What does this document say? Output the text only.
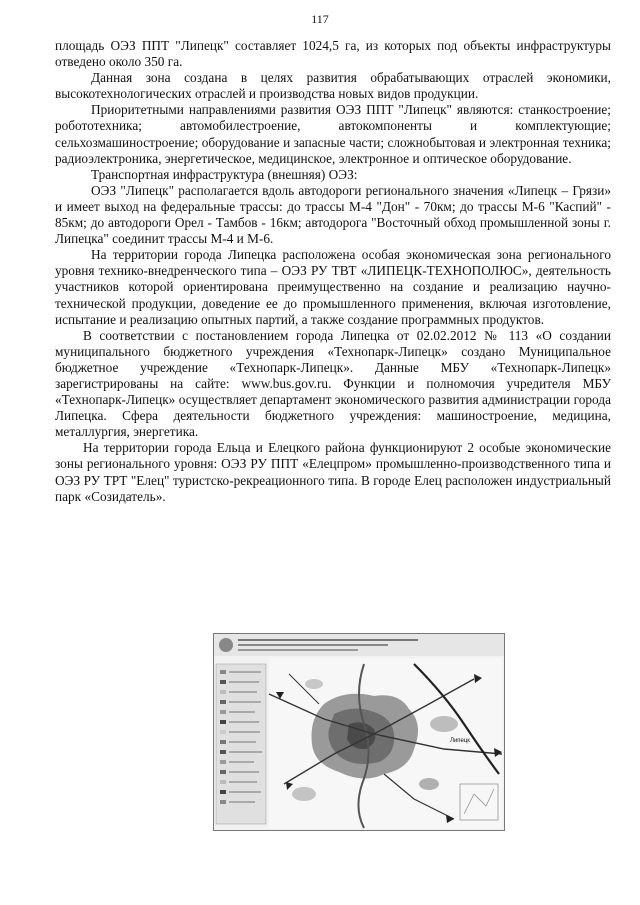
117

площадь ОЭЗ ППТ "Липецк" составляет 1024,5 га, из которых под объекты инфраструктуры отведено около 350 га.

Данная зона создана в целях развития обрабатывающих отраслей экономики, высокотехнологических отраслей и производства новых видов продукции.

Приоритетными направлениями развития ОЭЗ ППТ "Липецк" являются: станкостроение; робототехника; автомобилестроение, автокомпоненты и комплектующие; сельхозмашиностроение; оборудование и запасные части; сложнобытовая и электронная техника; радиоэлектроника, энергетическое, медицинское, электронное и оптическое оборудование.

Транспортная инфраструктура (внешняя) ОЭЗ:

ОЭЗ "Липецк" располагается вдоль автодороги регионального значения «Липецк – Грязи» и имеет выход на федеральные трассы: до трассы М-4 "Дон" - 70км; до трассы М-6 "Каспий" - 85км; до автодороги Орел - Тамбов - 16км; автодорога "Восточный обход промышленной зоны г. Липецка" соединит трассы М-4 и М-6.

На территории города Липецка расположена особая экономическая зона регионального уровня технико-внедренческого типа – ОЭЗ РУ ТВТ «ЛИПЕЦК-ТЕХНОПОЛЮС», деятельность участников которой ориентирована преимущественно на создание и реализацию научно-технической продукции, доведение ее до промышленного применения, включая изготовление, испытание и реализацию опытных партий, а также создание программных продуктов.

В соответствии с постановлением города Липецка от 02.02.2012 № 113 «О создании муниципального бюджетного учреждения «Технопарк-Липецк» создано Муниципальное бюджетное учреждение «Технопарк-Липецк». Данные МБУ «Технопарк-Липецк» зарегистрированы на сайте: www.bus.gov.ru. Функции и полномочия учредителя МБУ «Технопарк-Липецк» осуществляет департамент экономического развития администрации города Липецка. Сфера деятельности бюджетного учреждения: машиностроение, медицина, металлургия, энергетика.

На территории города Ельца и Елецкого района функционируют 2 особые экономические зоны регионального уровня: ОЭЗ РУ ППТ «Елецпром» промышленно-производственного типа и ОЭЗ РУ ТРТ "Елец" туристско-рекреационного типа. В городе Елец расположен индустриальный парк «Созидатель».

Липецк
